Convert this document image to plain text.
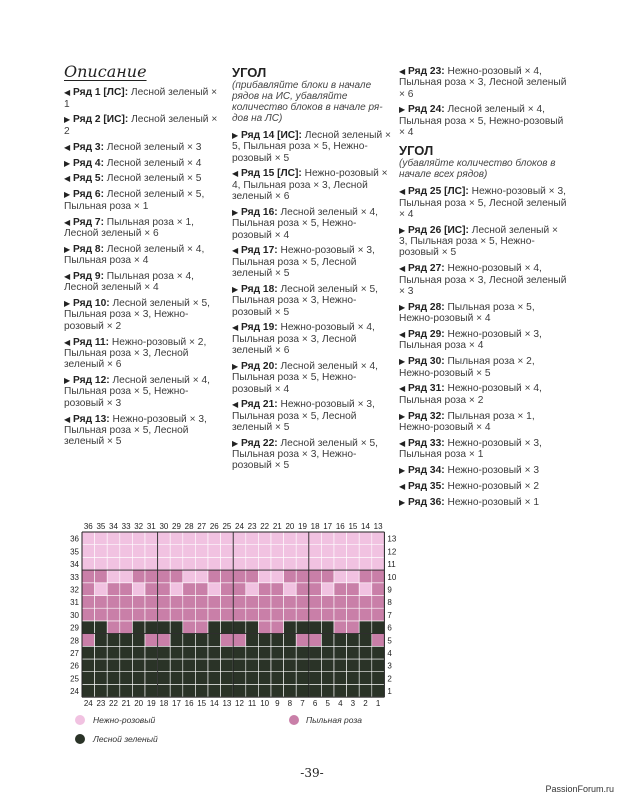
Описание
◀ Ряд 1 [ЛС]: Лесной зеленый × 1
▶ Ряд 2 [ИС]: Лесной зеленый × 2
◀ Ряд 3: Лесной зеленый × 3
▶ Ряд 4: Лесной зеленый × 4
◀ Ряд 5: Лесной зеленый × 5
▶ Ряд 6: Лесной зеленый × 5, Пыльная роза × 1
◀ Ряд 7: Пыльная роза × 1, Лесной зеленый × 6
▶ Ряд 8: Лесной зеленый × 4, Пыльная роза × 4
◀ Ряд 9: Пыльная роза × 4, Лесной зеленый × 4
▶ Ряд 10: Лесной зеленый × 5, Пыльная роза × 3, Нежно-розовый × 2
◀ Ряд 11: Нежно-розовый × 2, Пыльная роза × 3, Лесной зеленый × 6
▶ Ряд 12: Лесной зеленый × 4, Пыльная роза × 5, Нежно-розовый × 3
◀ Ряд 13: Нежно-розовый × 3, Пыльная роза × 5, Лесной зеленый × 5
УГОЛ
(прибавляйте блоки в начале рядов на ИС, убавляйте количество блоков в начале рядов на ЛС)
▶ Ряд 14 [ИС]: Лесной зеленый × 5, Пыльная роза × 5, Нежно-розовый × 5
◀ Ряд 15 [ЛС]: Нежно-розовый × 4, Пыльная роза × 3, Лесной зеленый × 6
▶ Ряд 16: Лесной зеленый × 4, Пыльная роза × 5, Нежно-розовый × 4
◀ Ряд 17: Нежно-розовый × 3, Пыльная роза × 5, Лесной зеленый × 5
▶ Ряд 18: Лесной зеленый × 5, Пыльная роза × 3, Нежно-розовый × 5
◀ Ряд 19: Нежно-розовый × 4, Пыльная роза × 3, Лесной зеленый × 6
▶ Ряд 20: Лесной зеленый × 4, Пыльная роза × 5, Нежно-розовый × 4
◀ Ряд 21: Нежно-розовый × 3, Пыльная роза × 5, Лесной зеленый × 5
▶ Ряд 22: Лесной зеленый × 5, Пыльная роза × 3, Нежно-розовый × 5
◀ Ряд 23: Нежно-розовый × 4, Пыльная роза × 3, Лесной зеленый × 6
▶ Ряд 24: Лесной зеленый × 4, Пыльная роза × 5, Нежно-розовый × 4
УГОЛ
(убавляйте количество блоков в начале всех рядов)
◀ Ряд 25 [ЛС]: Нежно-розовый × 3, Пыльная роза × 5, Лесной зеленый × 4
▶ Ряд 26 [ИС]: Лесной зеленый × 3, Пыльная роза × 5, Нежно-розовый × 5
◀ Ряд 27: Нежно-розовый × 4, Пыльная роза × 3, Лесной зеленый × 3
▶ Ряд 28: Пыльная роза × 5, Нежно-розовый × 4
◀ Ряд 29: Нежно-розовый × 3, Пыльная роза × 4
▶ Ряд 30: Пыльная роза × 2, Нежно-розовый × 5
◀ Ряд 31: Нежно-розовый × 4, Пыльная роза × 2
▶ Ряд 32: Пыльная роза × 1, Нежно-розовый × 4
◀ Ряд 33: Нежно-розовый × 3, Пыльная роза × 1
▶ Ряд 34: Нежно-розовый × 3
◀ Ряд 35: Нежно-розовый × 2
▶ Ряд 36: Нежно-розовый × 1
36 35 34 33 32 31 30 29 28 27 26 25 24 23 22 21 20 19 18 17 16 15 14 13
24 23 22 21 20 19 18 17 16 15 14 13 12 11 10 9 8 7 6 5 4 3 2 1
36
35
34
33
32
31
30
29
28
27
26
25
24
13
12
11
10
9
8
7
6
5
4
3
2
1
Нежно-розовый
Лесной зеленый
Пыльная роза
-39-
PassionForum.ru
